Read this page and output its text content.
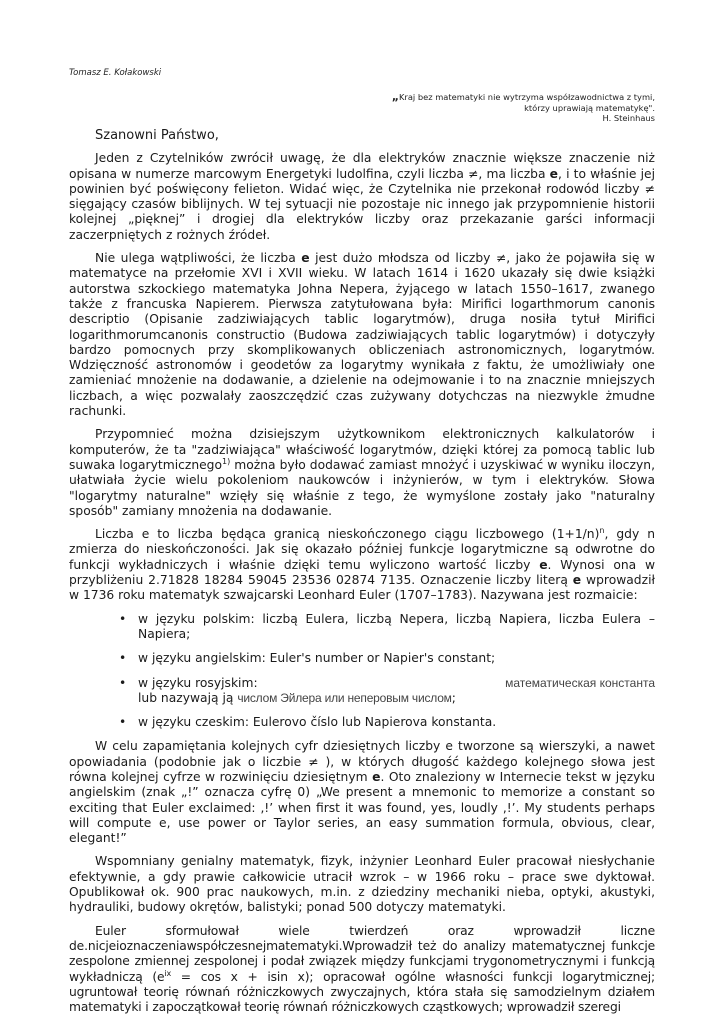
Tomasz E. Kołakowski
„Kraj bez matematyki nie wytrzyma współzawodnictwa z tymi,
którzy uprawiają matematykę".
H. Steinhaus
Szanowni Państwo,

Jeden z Czytelników zwrócił uwagę, że dla elektryków znacznie większe znaczenie niż opisana w numerze marcowym Energetyki ludolfina, czyli liczba ≠, ma liczba e, i to właśnie jej powinien być poświęcony felieton. Widać więc, że Czytelnika nie przekonał rodowód liczby ≠ sięgający czasów biblijnych. W tej sytuacji nie pozostaje nic innego jak przypomnienie historii kolejnej „pięknej” i drogiej dla elektryków liczby oraz przekazanie garści informacji zaczerpniętych z rożnych źródeł.

Nie ulega wątpliwości, że liczba e jest dużo młodsza od liczby ≠, jako że pojawiła się w matematyce na przełomie XVI i XVII wieku. W latach 1614 i 1620 ukazały się dwie książki autorstwa szkockiego matematyka Johna Nepera, żyjącego w latach 1550–1617, zwanego także z francuska Napierem. Pierwsza zatytułowana była: Mirifici logarthmorum canonis descriptio (Opisanie zadziwiających tablic logarytmów), druga nosiła tytuł Mirifici logarithmorumcanonis constructio (Budowa zadziwiających tablic logarytmów) i dotyczyły bardzo pomocnych przy skomplikowanych obliczeniach astronomicznych, logarytmów. Wdzięczność astronomów i geodetów za logarytmy wynikała z faktu, że umożliwiały one zamieniać mnożenie na dodawanie, a dzielenie na odejmowanie i to na znacznie mniejszych liczbach, a więc pozwalały zaoszczędzić czas zużywany dotychczas na niezwykle żmudne rachunki.

Przypomnieć można dzisiejszym użytkownikom elektronicznych kalkulatorów i komputerów, że ta "zadziwiająca" właściwość logarytmów, dzięki której za pomocą tablic lub suwaka logarytmicznego$^{1)}$ można było dodawać zamiast mnożyć i uzyskiwać w wyniku iloczyn, ułatwiała życie wielu pokoleniom naukowców i inżynierów, w tym i elektryków. Słowa "logarytmy naturalne" wzięły się właśnie z tego, że wymyślone zostały jako "naturalny sposób" zamiany mnożenia na dodawanie.

Liczba e to liczba będąca granicą nieskończonego ciągu liczbowego $(1+1/n)^n$, gdy n zmierza do nieskończoności. Jak się okazało później funkcje logarytmiczne są odwrotne do funkcji wykładniczych i właśnie dzięki temu wyliczono wartość liczby e. Wynosi ona w przybliżeniu 2.71828 18284 59045 23536 02874 7135. Oznaczenie liczby literą e wprowadził w 1736 roku matematyk szwajcarski Leonhard Euler (1707–1783). Nazywana jest rozmaicie:

• w języku polskim: liczbą Eulera, liczbą Nepera, liczbą Napiera, liczba Eulera – Napiera;
• w języku angielskim: Euler's number or Napier's constant;
• w języku rosyjskim:	математическая константа
lub nazywają ją числом Эйлера или неперовым числом;
• w języku czeskim: Eulerovo číslo lub Napierova konstanta.

W celu zapamiętania kolejnych cyfr dziesiętnych liczby e tworzone są wierszyki, a nawet opowiadania (podobnie jak o liczbie ≠ ), w których długość każdego kolejnego słowa jest równa kolejnej cyfrze w rozwinięciu dziesiętnym e. Oto znaleziony w Internecie tekst w języku angielskim (znak „!” oznacza cyfrę 0) „We present a mnemonic to memorize a constant so exciting that Euler exclaimed: ‚!’ when first it was found, yes, loudly ‚!’. My students perhaps will compute e, use power or Taylor series, an easy summation formula, obvious, clear, elegant!”

Wspomniany genialny matematyk, fizyk, inżynier Leonhard Euler pracował niesłychanie efektywnie, a gdy prawie całkowicie utracił wzrok – w 1966 roku – prace swe dyktował. Opublikował ok. 900 prac naukowych, m.in. z dziedziny mechaniki nieba, optyki, akustyki, hydrauliki, budowy okrętów, balistyki; ponad 500 dotyczy matematyki.

Euler sformułował wiele twierdzeń oraz wprowadził liczne de.nicjeioznaczeniawspółczesnejmatematyki.Wprowadził też do analizy matematycznej funkcje zespolone zmiennej zespolonej i podał związek między funkcjami trygonometrycznymi i funkcją wykładniczą ($e^{ix} = \cos x + isin$ x); opracował ogólne własności funkcji logarytmicznej; ugruntował teorię równań różniczkowych zwyczajnych, która stała się samodzielnym działem matematyki i zapoczątkował teorię równań różniczkowych cząstkowych; wprowadził szeregi
